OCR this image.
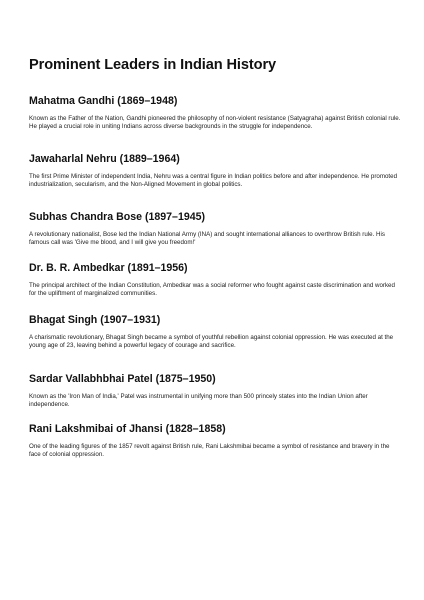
Prominent Leaders in Indian History
Mahatma Gandhi (1869–1948)

Known as the Father of the Nation, Gandhi pioneered the philosophy of non-violent resistance (Satyagraha) against British colonial rule. He played a crucial role in uniting Indians across diverse backgrounds in the struggle for independence.

Jawaharlal Nehru (1889–1964)

The first Prime Minister of independent India, Nehru was a central figure in Indian politics before and after independence. He promoted industrialization, secularism, and the Non-Aligned Movement in global politics.

Subhas Chandra Bose (1897–1945)

A revolutionary nationalist, Bose led the Indian National Army (INA) and sought international alliances to overthrow British rule. His famous call was 'Give me blood, and I will give you freedom!'

Dr. B. R. Ambedkar (1891–1956)

The principal architect of the Indian Constitution, Ambedkar was a social reformer who fought against caste discrimination and worked for the upliftment of marginalized communities.

Bhagat Singh (1907–1931)

A charismatic revolutionary, Bhagat Singh became a symbol of youthful rebellion against colonial oppression. He was executed at the young age of 23, leaving behind a powerful legacy of courage and sacrifice.

Sardar Vallabhbhai Patel (1875–1950)

Known as the 'Iron Man of India,' Patel was instrumental in unifying more than 500 princely states into the Indian Union after independence.

Rani Lakshmibai of Jhansi (1828–1858)

One of the leading figures of the 1857 revolt against British rule, Rani Lakshmibai became a symbol of resistance and bravery in the face of colonial oppression.
